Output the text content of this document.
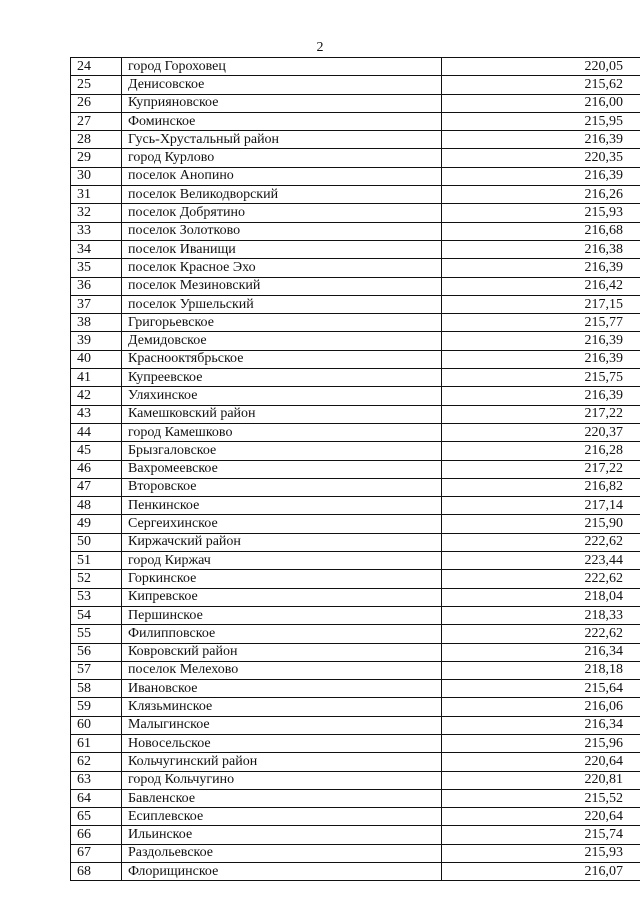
2
24	город Гороховец	220,05
25	Денисовское	215,62
26	Куприяновское	216,00
27	Фоминское	215,95
28	Гусь-Хрустальный район	216,39
29	город Курлово	220,35
30	поселок Анопино	216,39
31	поселок Великодворский	216,26
32	поселок Добрятино	215,93
33	поселок Золотково	216,68
34	поселок Иванищи	216,38
35	поселок Красное Эхо	216,39
36	поселок Мезиновский	216,42
37	поселок Уршельский	217,15
38	Григорьевское	215,77
39	Демидовское	216,39
40	Краснооктябрьское	216,39
41	Купреевское	215,75
42	Уляхинское	216,39
43	Камешковский район	217,22
44	город Камешково	220,37
45	Брызгаловское	216,28
46	Вахромеевское	217,22
47	Второвское	216,82
48	Пенкинское	217,14
49	Сергеихинское	215,90
50	Киржачский район	222,62
51	город Киржач	223,44
52	Горкинское	222,62
53	Кипревское	218,04
54	Першинское	218,33
55	Филипповское	222,62
56	Ковровский район	216,34
57	поселок Мелехово	218,18
58	Ивановское	215,64
59	Клязьминское	216,06
60	Малыгинское	216,34
61	Новосельское	215,96
62	Кольчугинский район	220,64
63	город Кольчугино	220,81
64	Бавленское	215,52
65	Есиплевское	220,64
66	Ильинское	215,74
67	Раздольевское	215,93
68	Флорищинское	216,07
